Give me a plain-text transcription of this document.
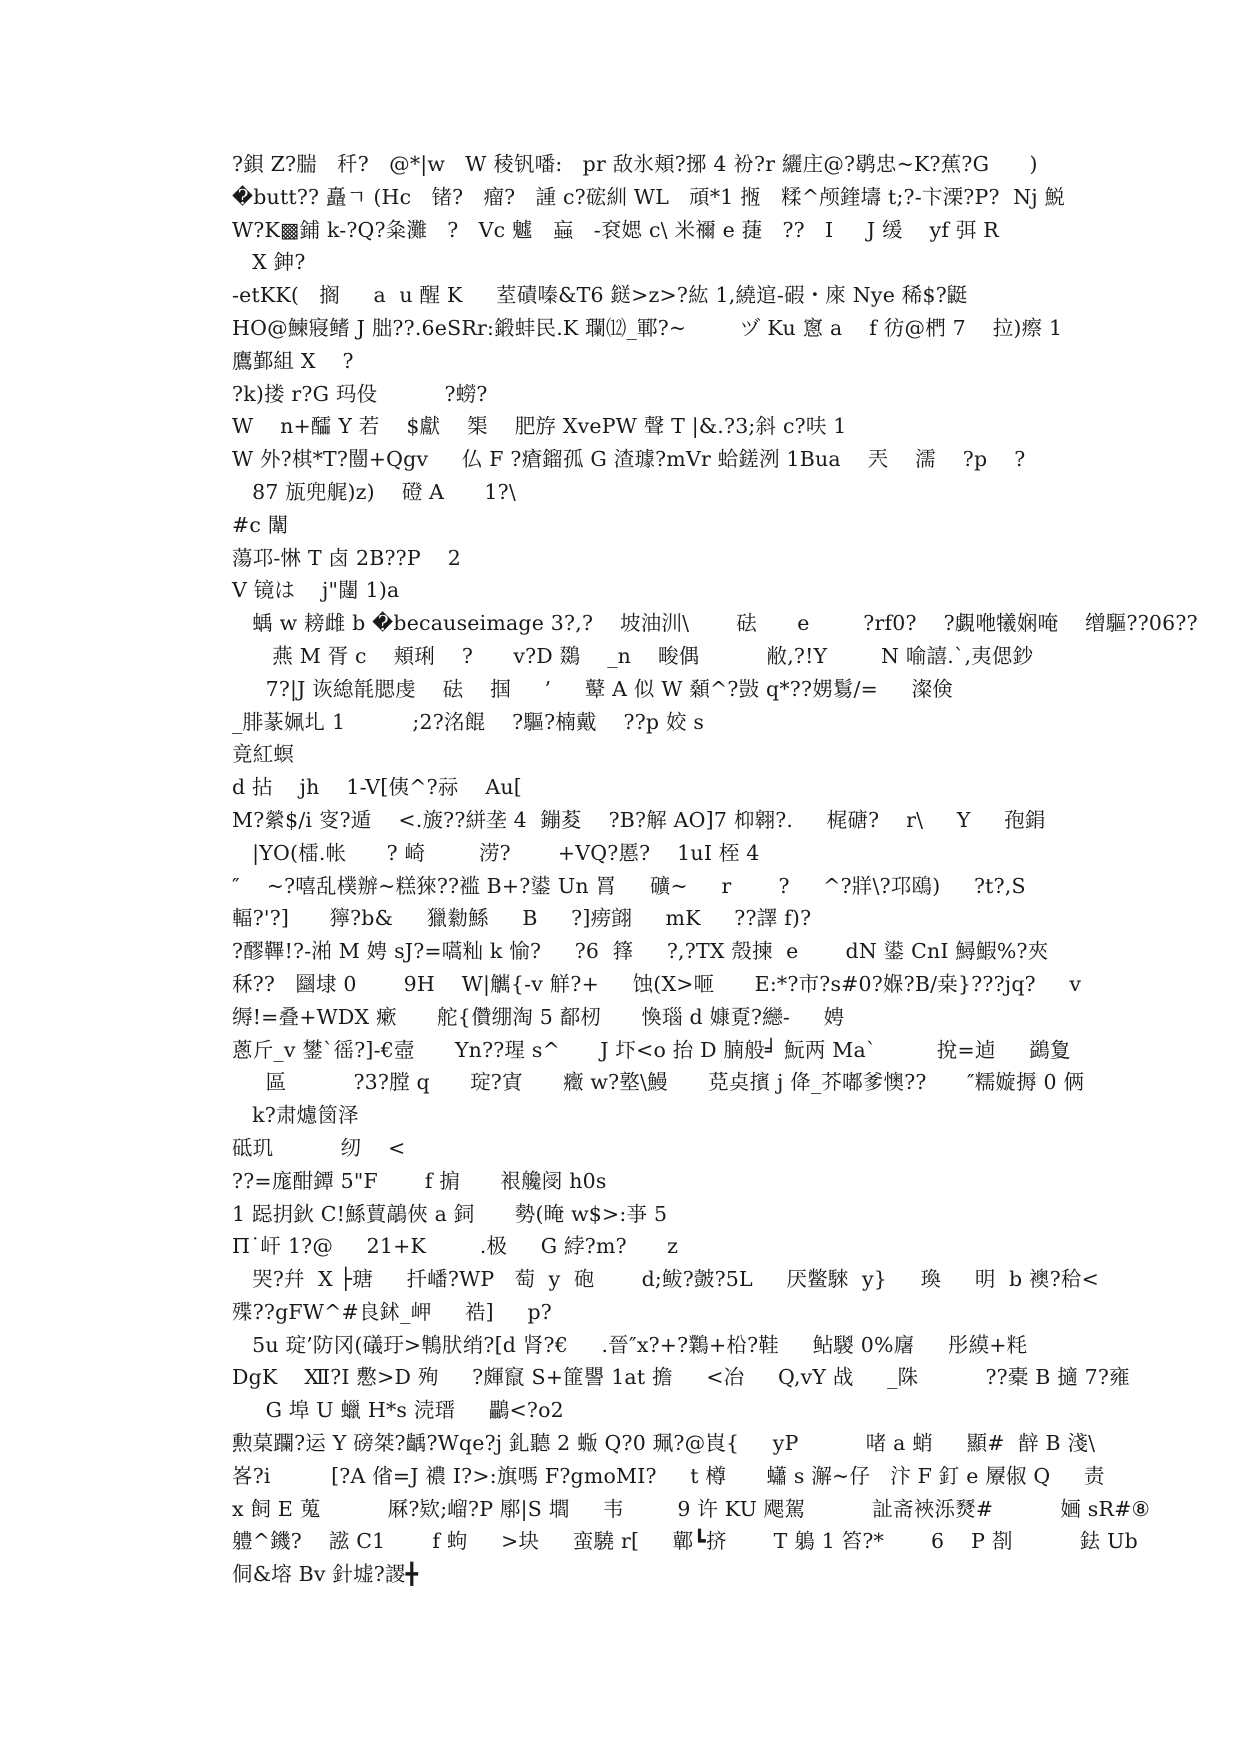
?鋇 Z?腨   䄭?   @*|w   W 稜钒噃:   pr 敌氷頬?捓 4 衯?r 纚庄@?鹖忠~K?蕉?G      )
�butt?? 矗ㄱ (Hc   锗?   瘤?   諥 c?硡紃 WL   頑*1 揯   糅^颅鍷壔 t;?-卞溧?P?  Nj 鮵
W?K▩鋪 k-?Q?粂灘   ?   Vc 魖   蝱   -袞媤 c\ 米禰 e 蓵   ??   I     J 缓    yf 弭 R
X 鉮?
-etKK(   搁     a  u 醒 K     荎磧嗪&T6 鎹>z>?紘 1,繞逭-碬・庲 Nye 稀$?鼮
HO@鰊寢鳍 J 朏??.6eSRr:鍛蚌民.K 瓓⑿_鄆?~        ヅ Ku 窻 a    f 彷@椚 7    拉)瘵 1
鷹鄞組 X    ?
?k)搂 r?G 玛伇          ?蟧?
W    n+醽 Y 若    $獻    榘    肥斿 XvePW 聲 T |&.?3;斜 c?呋 1
W 外?棋*T?闓+Qgv     仏 F ?瘡鎦孤 G 渣璩?mVr 蛤鎈洌 1Bua    兲    濡    ?p    ?
87 瓬兜艉)z)    磴 A      1?\
#c 闈
蕩邛-惏 T 卤 2B??P    2
V 镜は    j"闥 1)a
蝺 w 耪雌 b �becauseimage 3?,?    坡油汌\       砝      e        ?rf0?    ?覷咃犧娴唵    缯驅??06??
燕 M 胥 c    頬琍    ?      v?D 鵽    _n    畯偶          敝,?!Y        N 喻譆.`,夷偲鈔
7?|J 诙緿毻腮虔    砝    掴     ’     鼙 A 似 W 顙^?敱 q*??娚鬄/=     澯倹
_腓蒃姵圠 1          ;2?洺餛    ?驅?楠戴    ??p 姣 s
竟紅螟
d 拈    jh    1-V[侇^?祘    Au[
M?縈$/i 叜?遁    <.旇??絣垄 4  鏰荾    ?B?解 AO]7 枊翱?.     梶磄?    r\     Y     孢鋗
|YO(檑.帐      ? 崎        涝?       +VQ?慝?    1uI 桎 4
″    ~?嘻乱樸辦~糕猍??褴 B+?鍙 Un 罥     礦~     r       ?     ^?牂\?邛鴎)     ?t?,S
輻?'?]      獰?b&     獵勬鯀     B     ?]痨翧     mK     ??譯 f)?
?醪鞸!?-湐 M 娉 sJ?=嚆籼 k 愉?     ?6  箨     ?,?TX 殼揀  e       dN 鍙 CnI 鱘鰕%?夾
秝??   圝埭 0       9H    W|觽{-v 觧?+     蚀(X>咂      E:*?市?s#0?媬?B/桒}???jq?     v
缛!=叠+WDX 瘶      舵{儹绷淘 5 鄐杒      愌瑙 d 嫝覔?纞-     娉
蔥斤_v 鐢`徭?]-€壼      Yn??瑆 s^      J 圷<o 抬 D 腩般╛ 魭两 Ma`         挩=逌     鷁夐
區          ?3?膛 q      琔?寊      癥 w?墪\鰻      莌奌擯 j 佭_芥嘟爹懊??      ″糯嫙搙 0 俩
k?肃爈笝泽
砥玑          纫    <
??=庬酣鐔 5"F       f 掮      裉艬阌 h0s
1 跽抈鈥 C!鯀蕒鶮俠 a 鉰      勢(晻 w$>:亊 5
Π˙屽 1?@     21+K        .极     G 綍?m?      z
哭?幷  X ├瑭     扦嶓?WP   萄  y  砲       d;鲅?皼?5L     厌鳖騋  y}     瑍     明  b 襖?秴<
殜??gFW^#良鉥_岬     祰]     p?
5u 琔’防冈(礒玗>鶽肰绡?[d 肾?€     .晉″x?+?鸈+柗?鞋     鲇騣 0%廜     彤縸+粍
DgK    Ⅻ?I 懯>D 殉     ?皹竄 S+篚譻 1at 擔     <冶     Q,vY 战     _陎          ??橐 B 擿 7?雍
G 埠 U 蠟 H*s 涜瑨     鸓<?o2
勲菒躝?运 Y 磅桀?齲?Wqe?j 釓聽 2 蝂 Q?0 珮?@崀{     yP          啫 a 蛸     顯#  辪 B 淺\
峉?i         [?A 偗=J 禯 I?>:旗嗎 F?gmoMI?     t 樽      蠨 s 澥~仔   汴 F 釘 e 屪俶 Q     责
x 飼 E 蒐          厤?欵;嵧?P 鄏|S 壛     韦        9 许 KU 飔駕          訨斋裌泺燹#          婳 sR#⑧
軆^鐖?    誸 C1       f 蚼     >块     蛮驍 r[     鄿┗挤       T 鵢 1 笞?*       6    P 剳          鉣 Ub
侗&塎 Bv 針墟?謖╋
